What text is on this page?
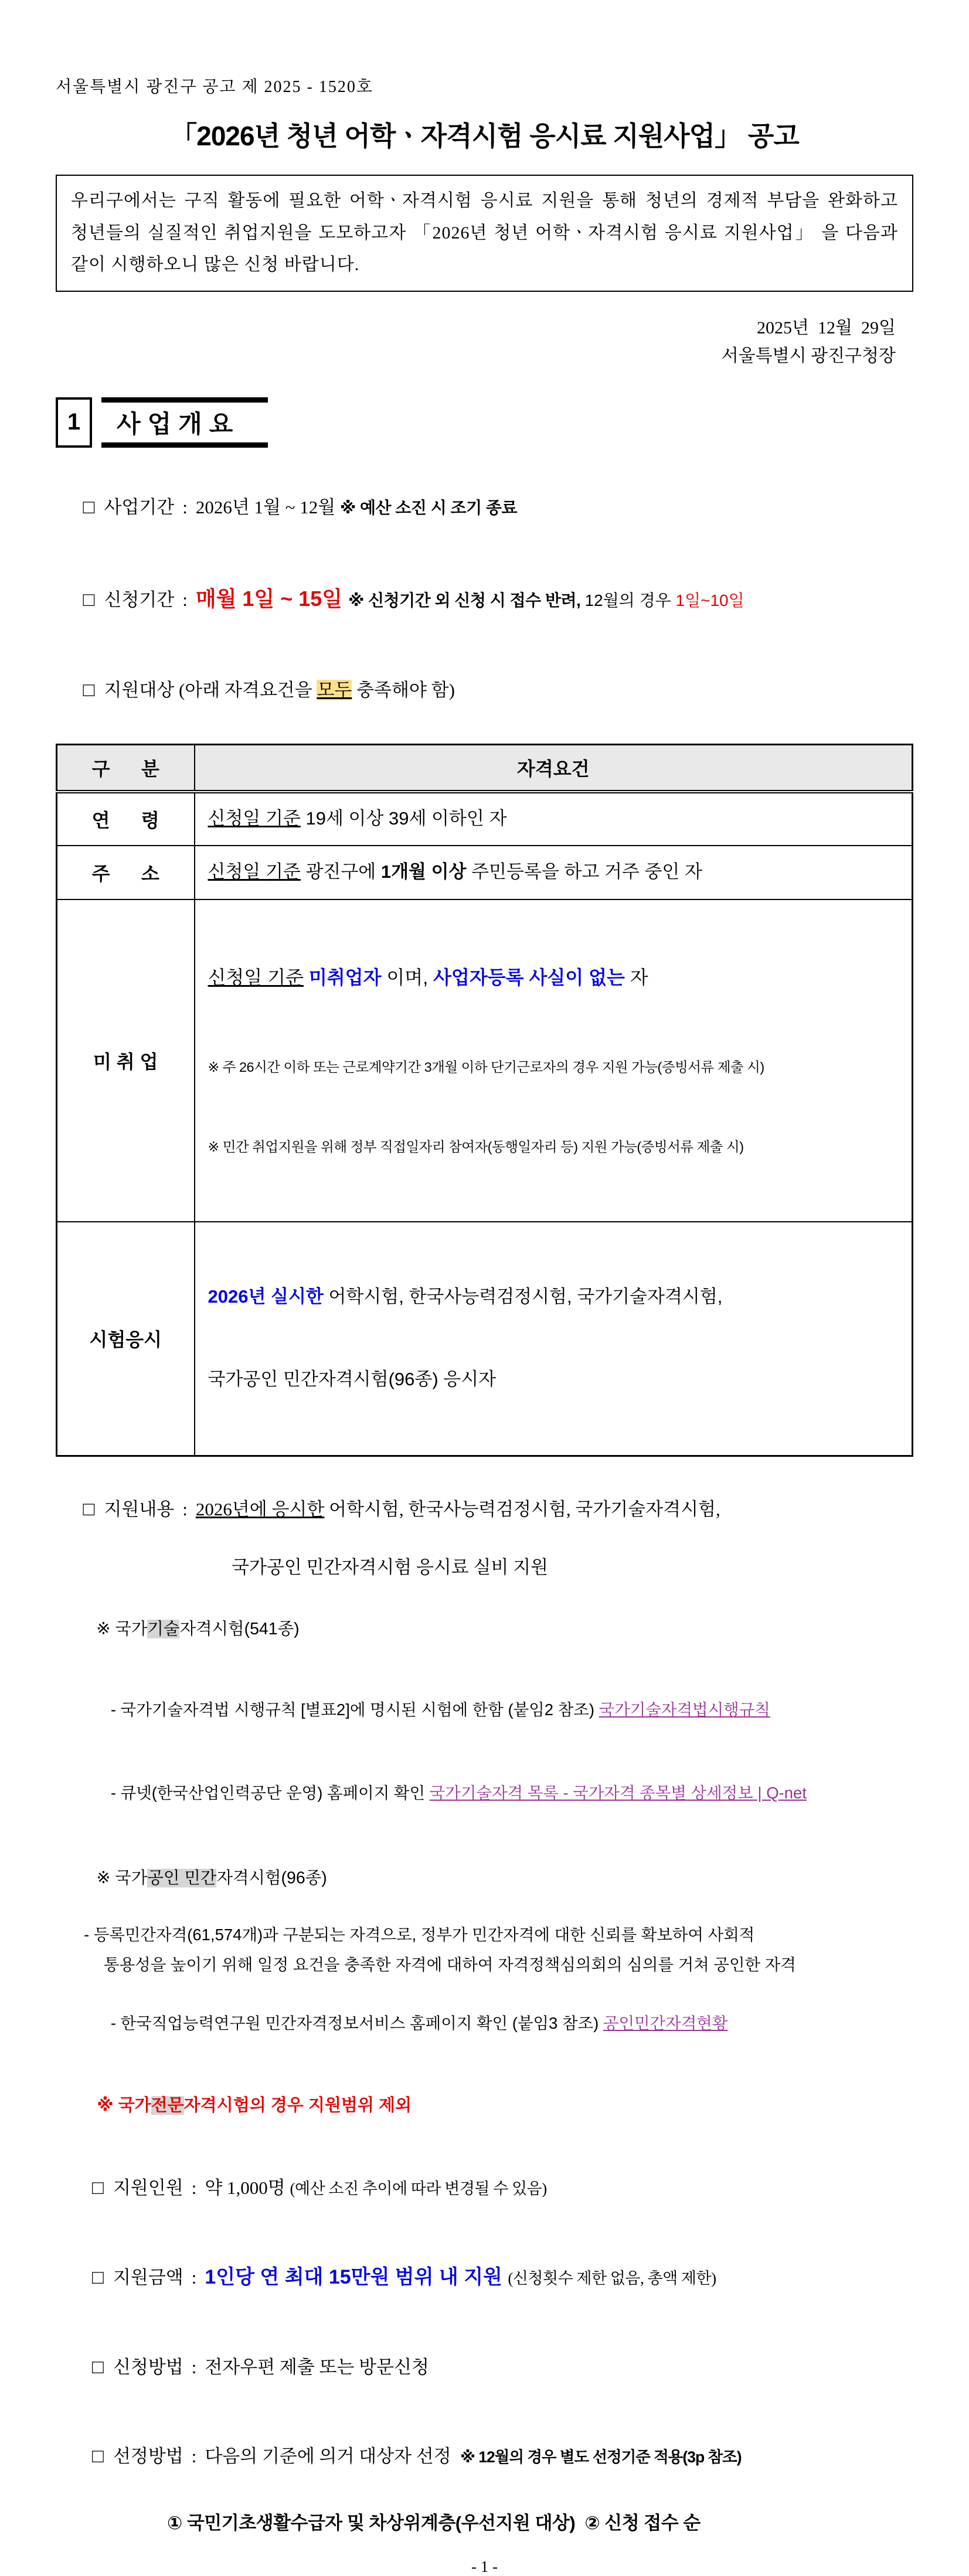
서울특별시 광진구 공고 제 2025 - 1520호
「2026년 청년 어학ㆍ자격시험 응시료 지원사업」 공고
우리구에서는 구직 활동에 필요한 어학ㆍ자격시험 응시료 지원을 통해 청년의 경제적 부담을 완화하고 청년들의 실질적인 취업지원을 도모하고자 「2026년 청년 어학ㆍ자격시험 응시료 지원사업」 을 다음과 같이 시행하오니 많은 신청 바랍니다.
2025년  12월  29일
서울특별시 광진구청장
1	사업개요

□ 사업기간 : 2026년 1월 ~ 12월 ※ 예산 소진 시 조기 종료

□ 신청기간 : 매월 1일 ~ 15일 ※ 신청기간 외 신청 시 접수 반려, 12월의 경우 1일~10일

□ 지원대상 (아래 자격요건을 모두 충족해야 함)

구      분	자격요건
연      령	신청일 기준 19세 이상 39세 이하인 자
주      소	신청일 기준 광진구에 1개월 이상 주민등록을 하고 거주 중인 자
미 취 업	신청일 기준 미취업자 이며, 사업자등록 사실이 없는 자

※ 주 26시간 이하 또는 근로계약기간 3개월 이하 단기근로자의 경우 지원 가능(증빙서류 제출 시)

※ 민간 취업지원을 위해 정부 직접일자리 참여자(동행일자리 등) 지원 가능(증빙서류 제출 시)

시험응시	2026년 실시한 어학시험, 한국사능력검정시험, 국가기술자격시험,

국가공인 민간자격시험(96종) 응시자

□ 지원내용 : 2026년에 응시한 어학시험, 한국사능력검정시험, 국가기술자격시험,

국가공인 민간자격시험 응시료 실비 지원

※ 국가기술자격시험(541종)

- 국가기술자격법 시행규칙 [별표2]에 명시된 시험에 한함 (붙임2 참조) 국가기술자격법시행규칙

- 큐넷(한국산업인력공단 운영) 홈페이지 확인 국가기술자격 목록 - 국가자격 종목별 상세정보 | Q-net

※ 국가공인 민간자격시험(96종)

- 등록민간자격(61,574개)과 구분되는 자격으로, 정부가 민간자격에 대한 신뢰를 확보하여 사회적
통용성을 높이기 위해 일정 요건을 충족한 자격에 대하여 자격정책심의회의 심의를 거쳐 공인한 자격

- 한국직업능력연구원 민간자격정보서비스 홈페이지 확인 (붙임3 참조) 공인민간자격현황

※ 국가전문자격시험의 경우 지원범위 제외

□ 지원인원 : 약 1,000명 (예산 소진 추이에 따라 변경될 수 있음)

□ 지원금액 : 1인당 연 최대 15만원 범위 내 지원 (신청횟수 제한 없음, 총액 제한)

□ 신청방법 : 전자우편 제출 또는 방문신청

□ 선정방법 : 다음의 기준에 의거 대상자 선정  ※ 12월의 경우 별도 선정기준 적용(3p 참조)

① 국민기초생활수급자 및 차상위계층(우선지원 대상)  ② 신청 접수 순
- 1 -
